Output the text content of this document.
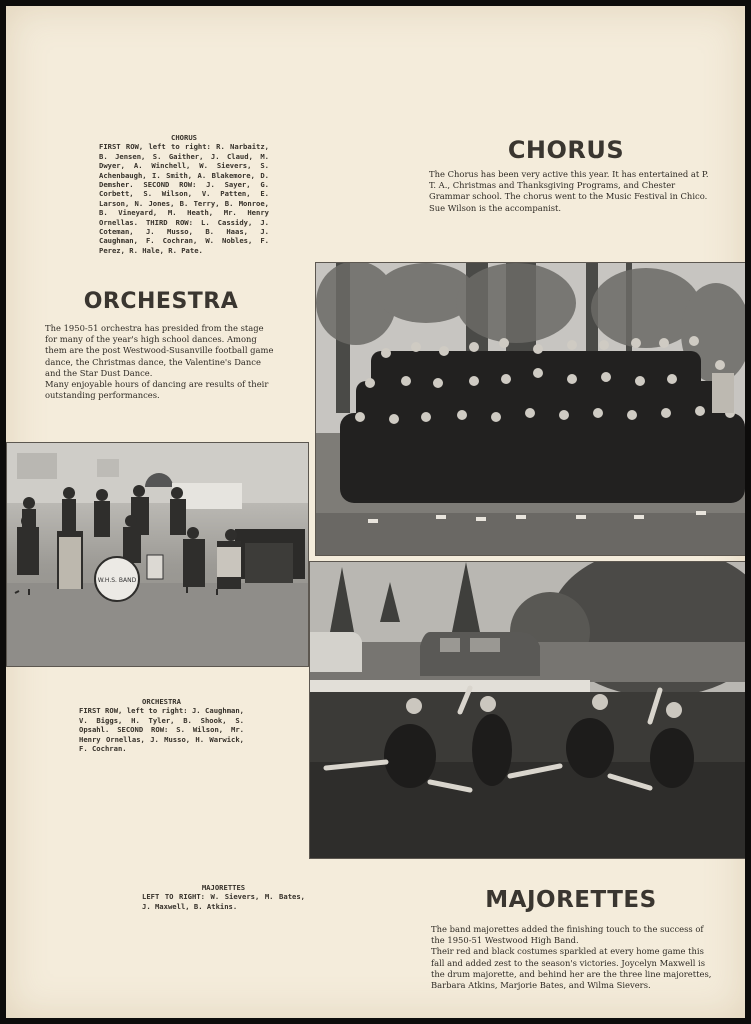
CHORUS
FIRST ROW, left to right: R. Narbaitz, B. Jensen, S. Gaither, J. Claud, M. Dwyer, A. Winchell, W. Sievers, S. Achenbaugh, I. Smith, A. Blakemore, D. Demsher. SECOND ROW: J. Sayer, G. Corbett, S. Wilson, V. Patten, E. Larson, N. Jones, B. Terry, B. Monroe, B. Vineyard, M. Heath, Mr. Henry Ornellas. THIRD ROW: L. Cassidy, J. Coteman, J. Musso, B. Haas, J. Caughman, F. Cochran, W. Nobles, F. Perez, R. Hale, R. Pate.
CHORUS
The Chorus has been very active this year. It has entertained at P. T. A., Christmas and Thanksgiving Programs, and Chester Grammar school. The chorus went to the Music Festival in Chico. Sue Wilson is the accompanist.
ORCHESTRA
The 1950-51 orchestra has presided from the stage for many of the year's high school dances. Among them are the post Westwood-Susanville football game dance, the Christmas dance, the Valentine's Dance and the Star Dust Dance.
Many enjoyable hours of dancing are results of their outstanding performances.
W.H.S. BAND
ORCHESTRA
FIRST ROW, left to right: J. Caughman, V. Biggs, H. Tyler, B. Shook, S. Opsahl. SECOND ROW: S. Wilson, Mr. Henry Ornellas, J. Musso, H. Warwick, F. Cochran.
MAJORETTES
LEFT TO RIGHT: W. Sievers, M. Bates, J. Maxwell, B. Atkins.	MAJORETTES
The band majorettes added the finishing touch to the success of the 1950-51 Westwood High Band.
Their red and black costumes sparkled at every home game this fall and added zest to the season's victories. Joycelyn Maxwell is the drum majorette, and behind her are the three line majorettes, Barbara Atkins, Marjorie Bates, and Wilma Sievers.
